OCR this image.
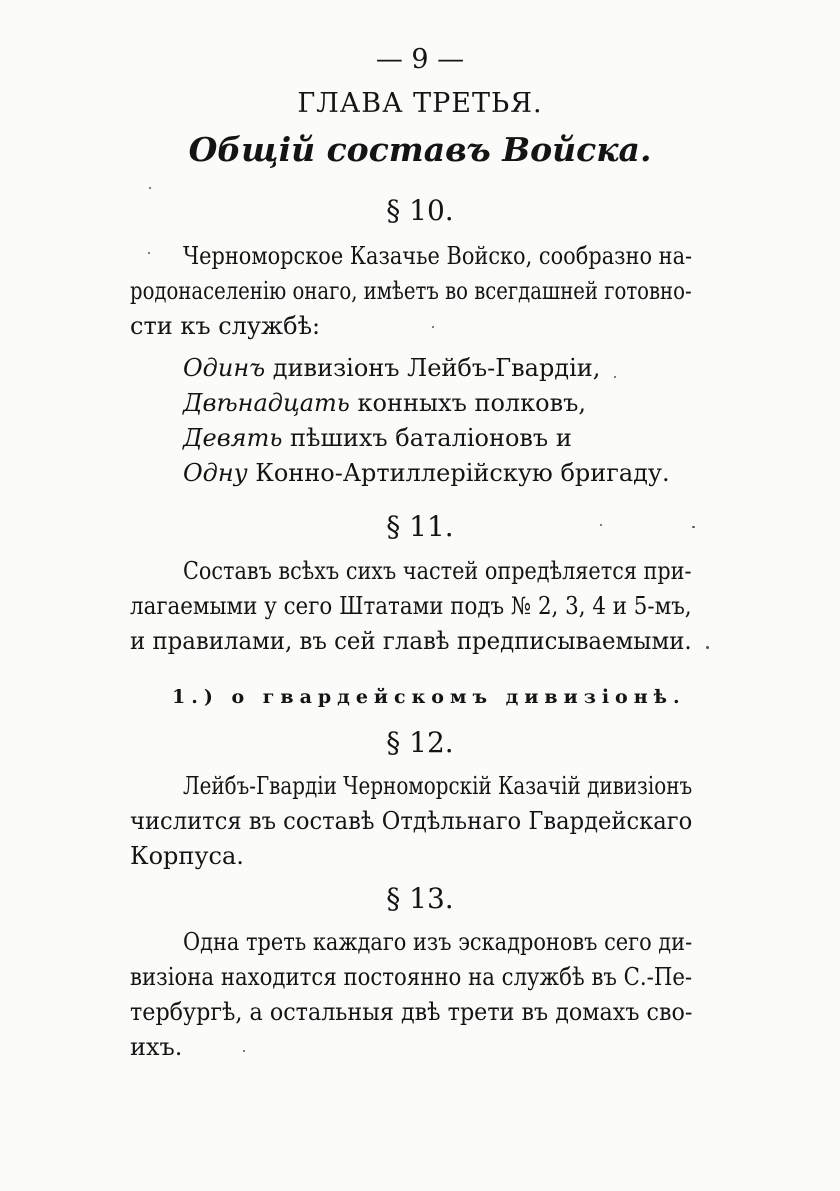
— 9 —
ГЛАВА ТРЕТЬЯ.
Общій составъ Войска.
§ 10.
Черноморское Казачье Войско, сообразно на-
родонаселенію онаго, имѣетъ во всегдашней готовно-
сти къ службѣ:
Одинъ дивизіонъ Лейбъ-Гвардіи,
Двѣнадцать конныхъ полковъ,
Девять пѣшихъ баталіоновъ и
Одну Конно-Артиллерійскую бригаду.
§ 11.
Составъ всѣхъ сихъ частей опредѣляется при-
лагаемыми у сего Штатами подъ № 2, 3, 4 и 5-мъ,
и правилами, въ сей главѣ предписываемыми.
1.) о гвардейскомъ дивизіонѣ.
§ 12.
Лейбъ-Гвардіи Черноморскій Казачій дивизіонъ
числится въ составѣ Отдѣльнаго Гвардейскаго
Корпуса.
§ 13.
Одна треть каждаго изъ эскадроновъ сего ди-
визіона находится постоянно на службѣ въ С.-Пе-
тербургѣ, а остальныя двѣ трети въ домахъ сво-
ихъ.
